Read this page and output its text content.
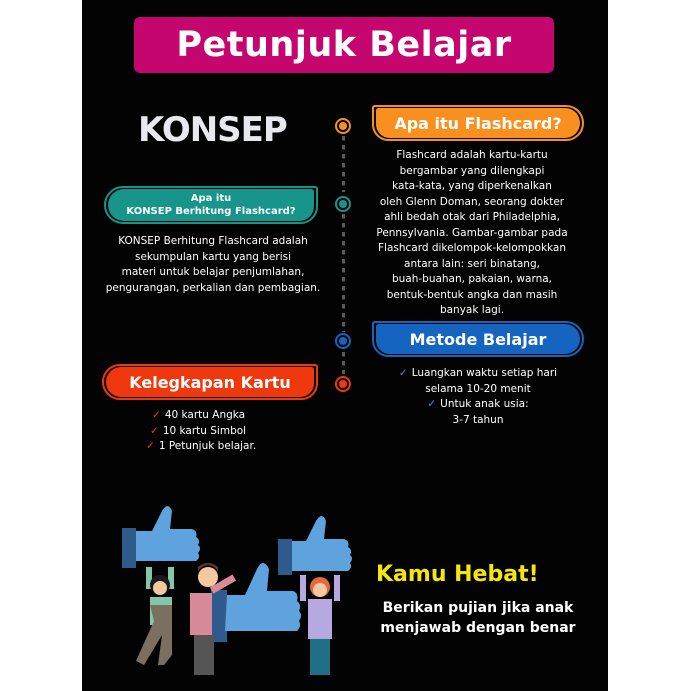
Petunjuk Belajar
KONSEP	Apa itu Flashcard?
Flashcard adalah kartu-kartu
bergambar yang dilengkapi
kata-kata, yang diperkenalkan
oleh Glenn Doman, seorang dokter
ahli bedah otak dari Philadelphia,
Pennsylvania. Gambar-gambar pada
Flashcard dikelompok-kelompokkan
antara lain: seri binatang,
buah-buahan, pakaian, warna,
bentuk-bentuk angka dan masih
banyak lagi.
Apa itu
KONSEP Berhitung Flashcard?
KONSEP Berhitung Flashcard adalah
sekumpulan kartu yang berisi
materi untuk belajar penjumlahan,
pengurangan, perkalian dan pembagian.
Metode Belajar
✓ Luangkan waktu setiap hari
selama 10-20 menit
✓ Untuk anak usia:
3-7 tahun
Kelegkapan Kartu
✓ 40 kartu Angka
✓ 10 kartu Simbol
✓ 1 Petunjuk belajar.
Kamu Hebat!
Berikan pujian jika anak
menjawab dengan benar
